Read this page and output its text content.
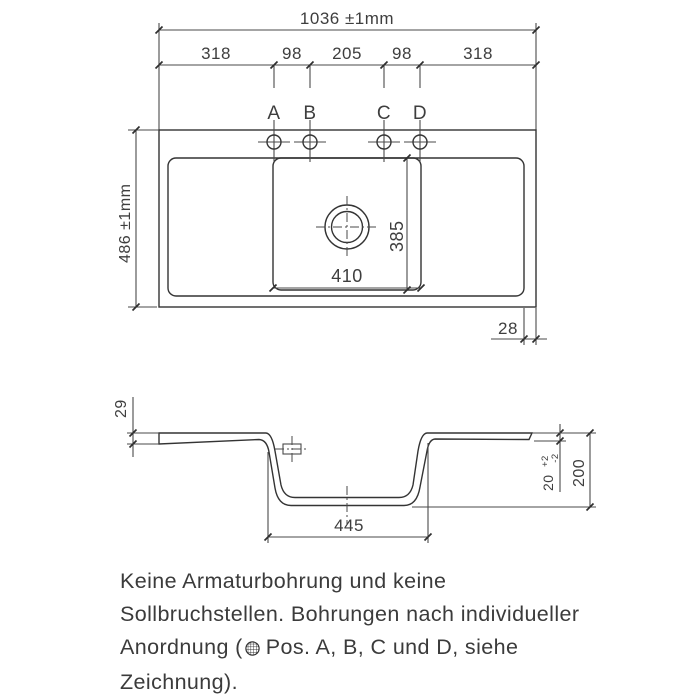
1036 ±1mm
318	98 205 98	318
A B	C D
410
385
486 ±1mm
28
29
445
20 $^{+2}$ -2
200
Keine Armaturbohrung und keine
Sollbruchstellen. Bohrungen nach individueller
Anordnung ( Pos. A, B, C und D, siehe
Zeichnung).
